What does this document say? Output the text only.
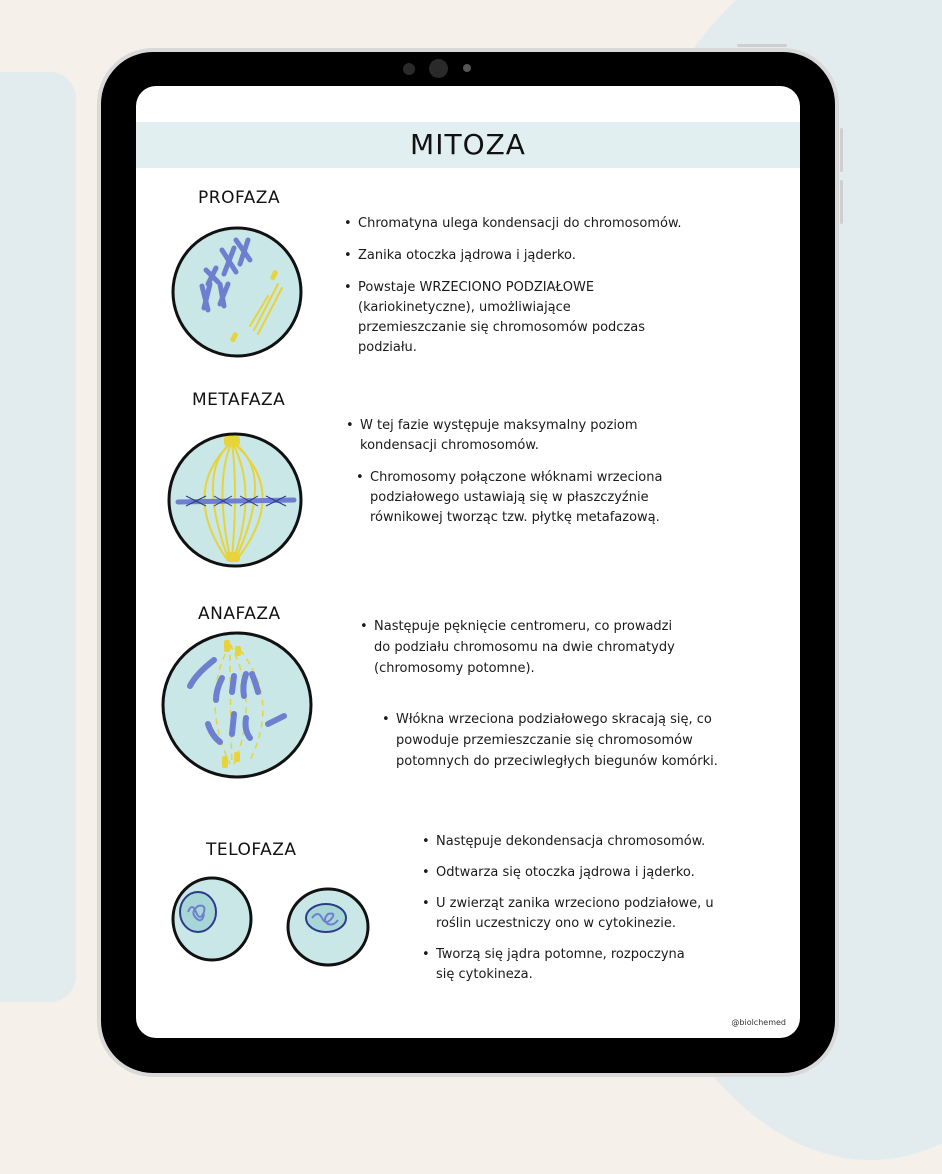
MITOZA
PROFAZA
• Chromatyna ulega kondensacji do chromosomów.
• Zanika otoczka jądrowa i jąderko.
• Powstaje WRZECIONO PODZIAŁOWE (kariokinetyczne), umożliwiające przemieszczanie się chromosomów podczas podziału.
METAFAZA
• W tej fazie występuje maksymalny poziom kondensacji chromosomów.
• Chromosomy połączone włóknami wrzeciona podziałowego ustawiają się w płaszczyźnie równikowej tworząc tzw. płytkę metafazową.
ANAFAZA
• Następuje pęknięcie centromeru, co prowadzi do podziału chromosomu na dwie chromatydy (chromosomy potomne).
• Włókna wrzeciona podziałowego skracają się, co powoduje przemieszczanie się chromosomów potomnych do przeciwległych biegunów komórki.
TELOFAZA
•	Następuje dekondensacja chromosomów.
• Odtwarza się otoczka jądrowa i jąderko.
• U zwierząt zanika wrzeciono podziałowe, u roślin uczestniczy ono w cytokinezie.
• Tworzą się jądra potomne, rozpoczyna się cytokineza.
@biolchemed
